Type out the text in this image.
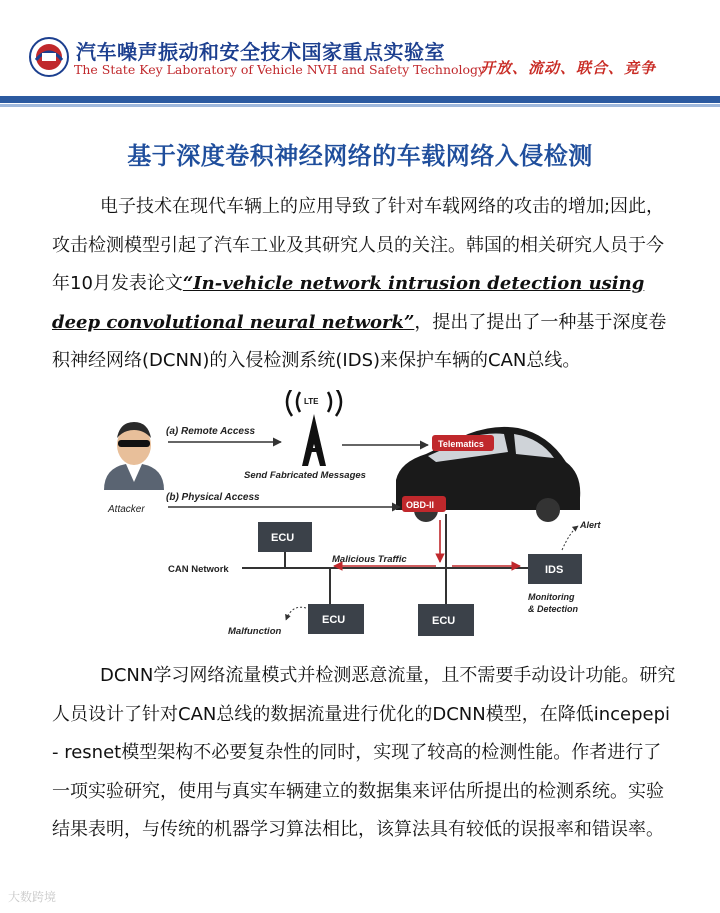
汽车噪声振动和安全技术国家重点实验室
The State Key Laboratory of Vehicle NVH and Safety Technology
开放、流动、联合、竞争
基于深度卷积神经网络的车载网络入侵检测
电子技术在现代车辆上的应用导致了针对车载网络的攻击的增加;因此，攻击检测模型引起了汽车工业及其研究人员的关注。韩国的相关研究人员于今年10月发表论文“In-vehicle network intrusion detection using deep convolutional neural network”，提出了提出了一种基于深度卷积神经网络(DCNN)的入侵检测系统(IDS)来保护车辆的CAN总线。
Attacker
(a) Remote Access
LTE
Send Fabricated Messages
Telematics
OBD-II
(b) Physical Access
ECU
CAN Network
Malicious Traffic
IDS
Alert
Monitoring
& Detection
ECU
Malfunction
ECU
DCNN学习网络流量模式并检测恶意流量，且不需要手动设计功能。研究人员设计了针对CAN总线的数据流量进行优化的DCNN模型，在降低incepepi - resnet模型架构不必要复杂性的同时，实现了较高的检测性能。作者进行了一项实验研究，使用与真实车辆建立的数据集来评估所提出的检测系统。实验结果表明，与传统的机器学习算法相比，该算法具有较低的误报率和错误率。
大数跨境
